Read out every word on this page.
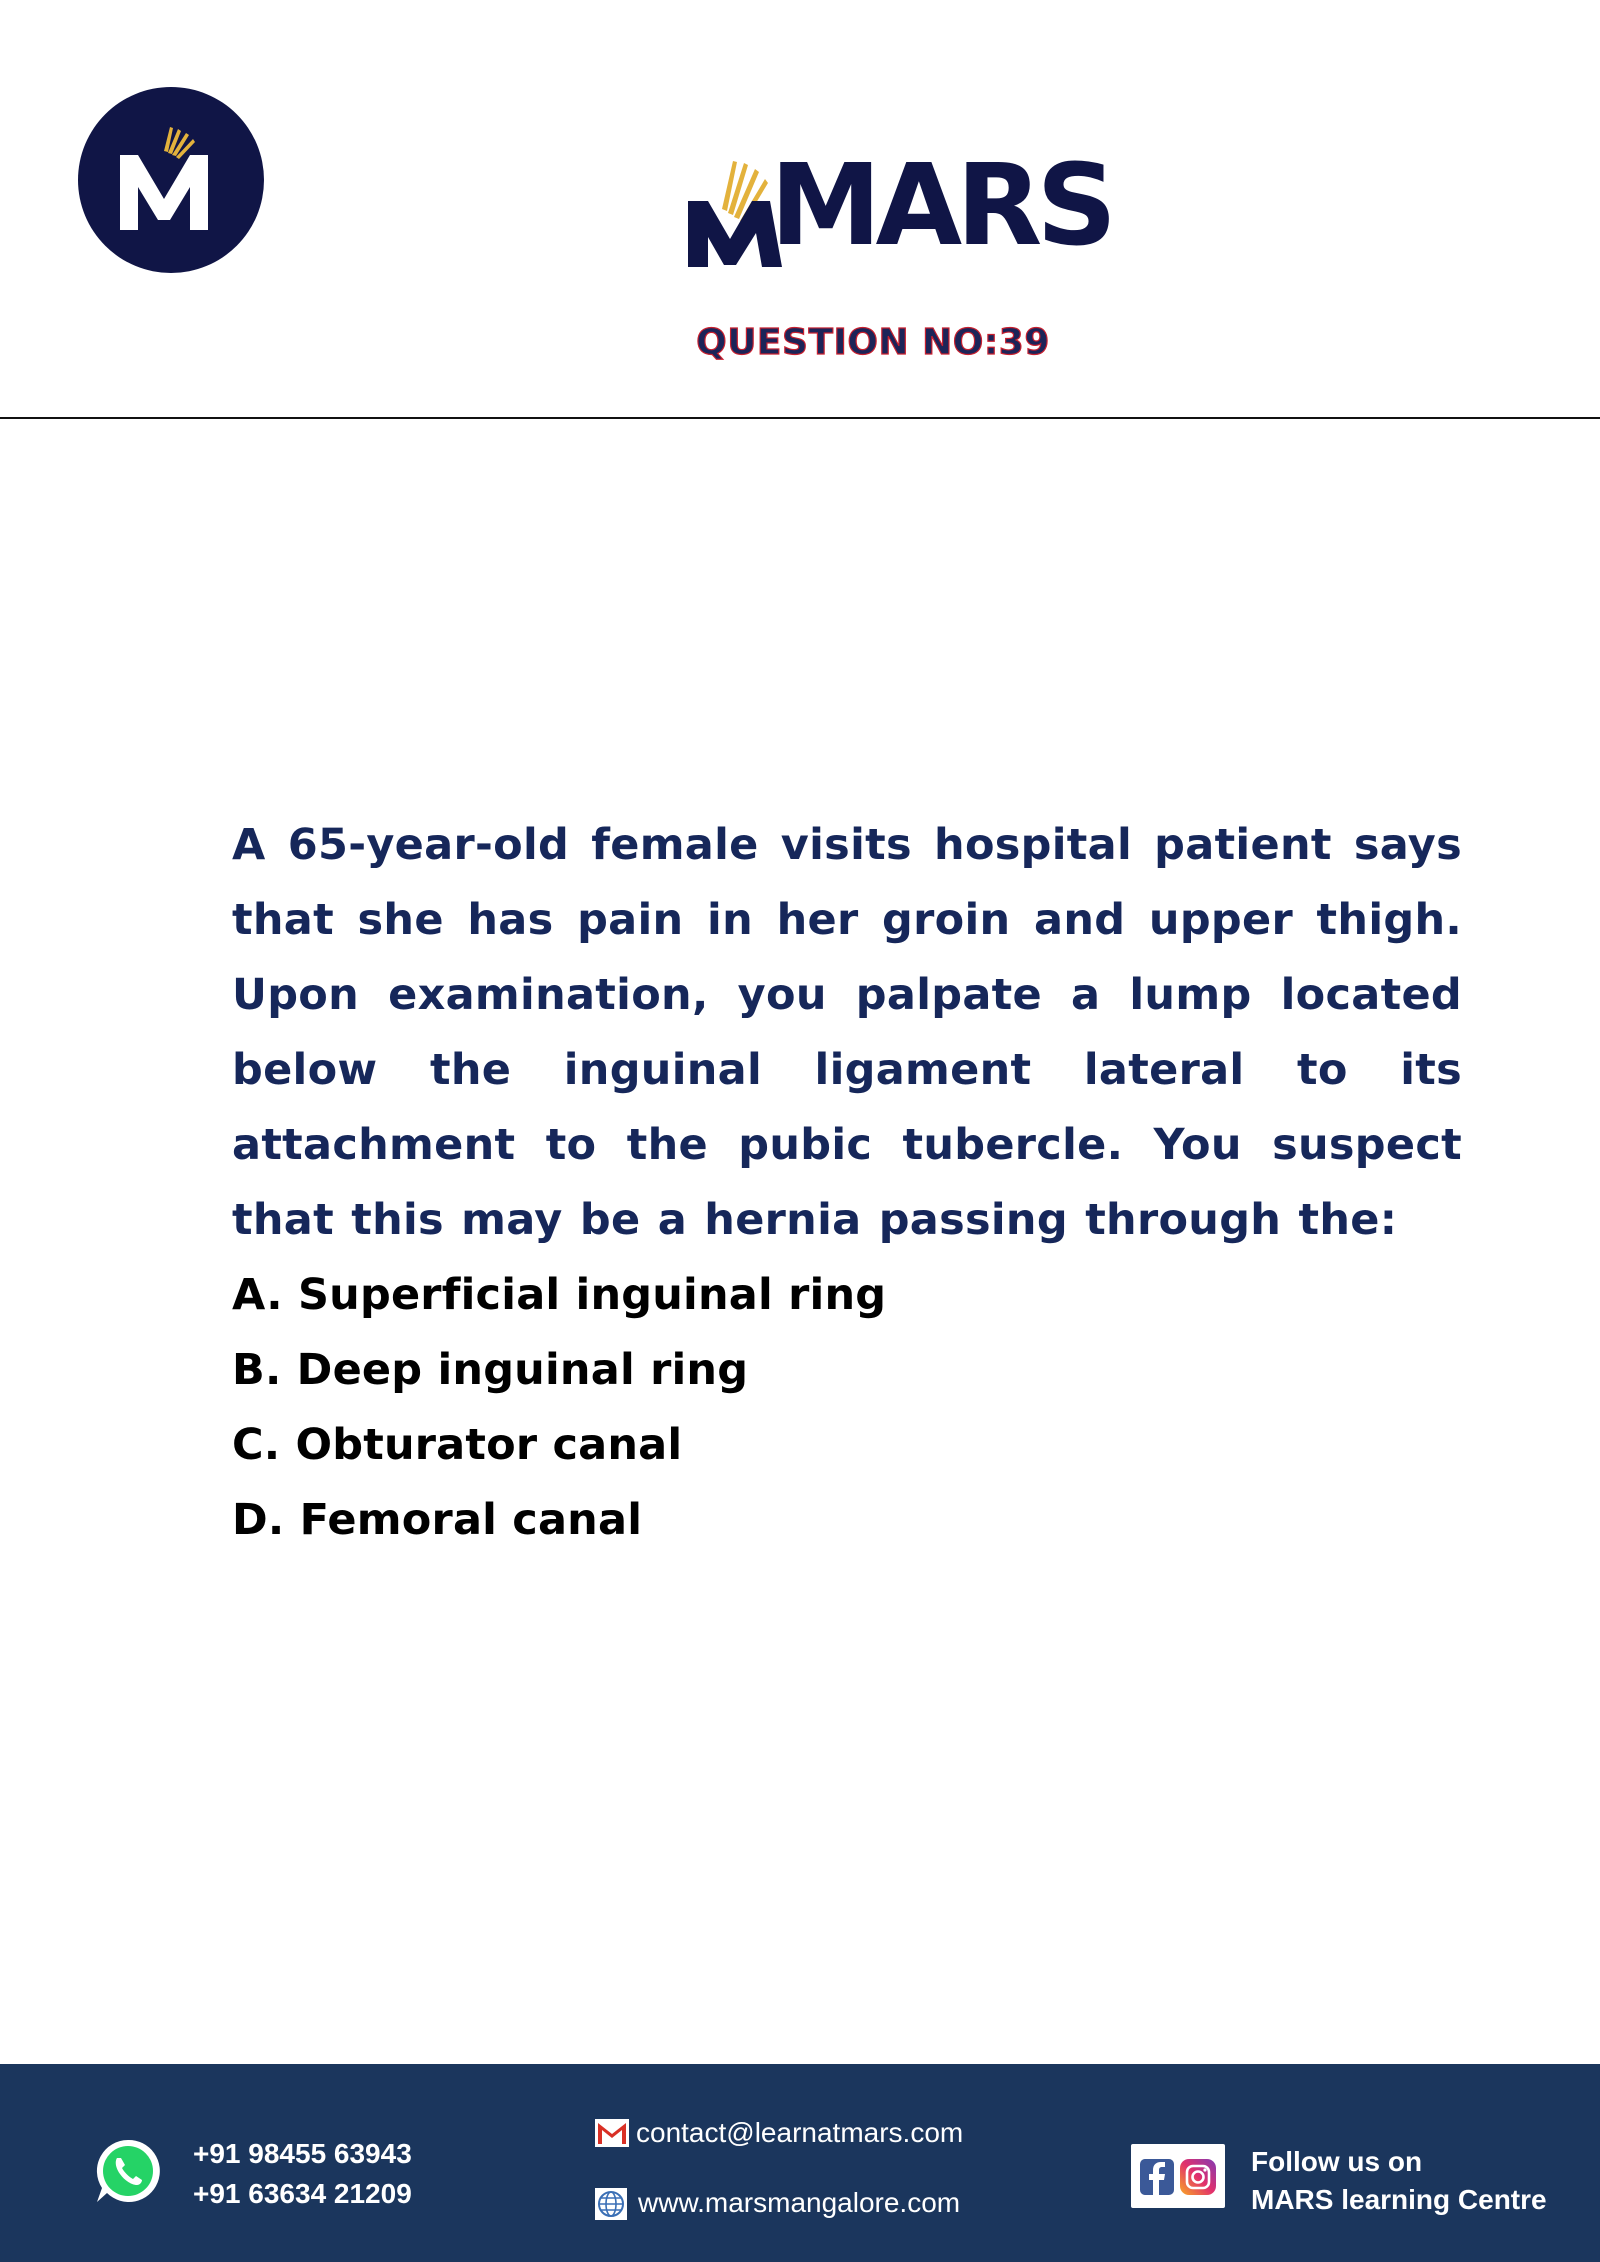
MARS
QUESTION NO:39

A 65-year-old female visits hospital patient says that she has pain in her groin and upper thigh. Upon examination, you palpate a lump located below the inguinal ligament lateral to its attachment to the pubic tubercle. You suspect that this may be a hernia passing through the:

A. Superficial inguinal ring
B. Deep inguinal ring
C. Obturator canal
D. Femoral canal
+91 98455 63943
+91 63634 21209
contact@learnatmars.com
www.marsmangalore.com
Follow us on
MARS learning Centre
